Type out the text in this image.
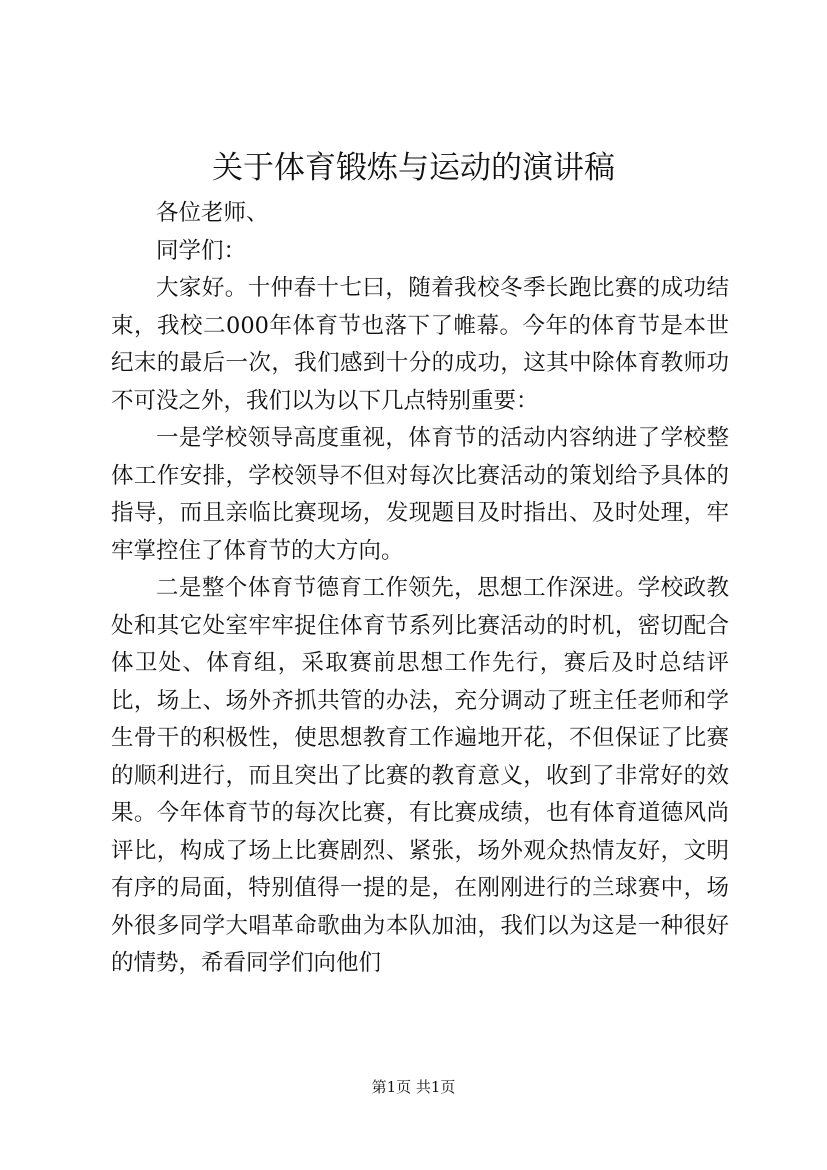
关于体育锻炼与运动的演讲稿

各位老师、

同学们：

大家好。十仲春十七曰，随着我校冬季长跑比赛的成功结束，我校二000年体育节也落下了帷幕。今年的体育节是本世纪末的最后一次，我们感到十分的成功，这其中除体育教师功不可没之外，我们以为以下几点特别重要：

一是学校领导高度重视，体育节的活动内容纳进了学校整体工作安排，学校领导不但对每次比赛活动的策划给予具体的指导，而且亲临比赛现场，发现题目及时指出、及时处理，牢牢掌控住了体育节的大方向。

二是整个体育节德育工作领先，思想工作深进。学校政教处和其它处室牢牢捉住体育节系列比赛活动的时机，密切配合体卫处、体育组，采取赛前思想工作先行，赛后及时总结评比，场上、场外齐抓共管的办法，充分调动了班主任老师和学生骨干的积极性，使思想教育工作遍地开花，不但保证了比赛的顺利进行，而且突出了比赛的教育意义，收到了非常好的效果。今年体育节的每次比赛，有比赛成绩，也有体育道德风尚评比，构成了场上比赛剧烈、紧张，场外观众热情友好，文明有序的局面，特别值得一提的是，在刚刚进行的兰球赛中，场外很多同学大唱革命歌曲为本队加油，我们以为这是一种很好的情势，希看同学们向他们

第1页 共1页
